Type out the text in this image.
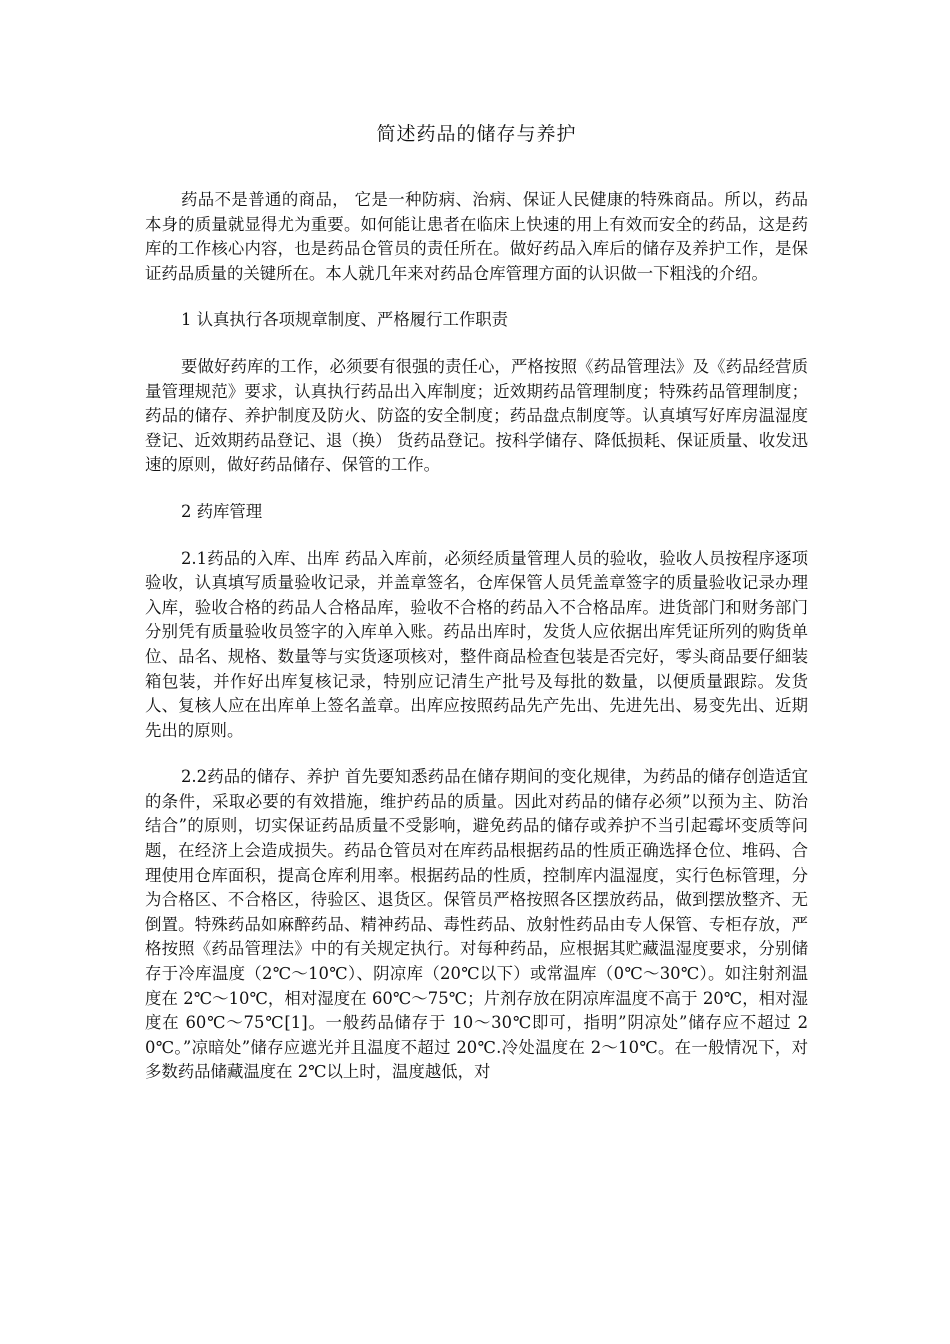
简述药品的储存与养护

药品不是普通的商品， 它是一种防病、治病、保证人民健康的特殊商品。所以，药品本身的质量就显得尤为重要。如何能让患者在临床上快速的用上有效而安全的药品，这是药库的工作核心内容，也是药品仓管员的责任所在。做好药品入库后的储存及养护工作，是保证药品质量的关键所在。本人就几年来对药品仓库管理方面的认识做一下粗浅的介绍。

1 认真执行各项规章制度、严格履行工作职责

要做好药库的工作，必须要有很强的责任心，严格按照《药品管理法》及《药品经营质量管理规范》要求，认真执行药品出入库制度；近效期药品管理制度；特殊药品管理制度；药品的储存、养护制度及防火、防盗的安全制度；药品盘点制度等。认真填写好库房温湿度登记、近效期药品登记、退（换） 货药品登记。按科学储存、降低损耗、保证质量、收发迅速的原则，做好药品储存、保管的工作。

2 药库管理

2.1药品的入库、出库 药品入库前，必须经质量管理人员的验收，验收人员按程序逐项验收，认真填写质量验收记录，并盖章签名，仓库保管人员凭盖章签字的质量验收记录办理入库，验收合格的药品人合格品库，验收不合格的药品入不合格品库。进货部门和财务部门分别凭有质量验收员签字的入库单入账。药品出库时，发货人应依据出库凭证所列的购货单位、品名、规格、数量等与实货逐项核对，整件商品检查包装是否完好，零头商品要仔細装箱包装，并作好出库复核记录，特别应记清生产批号及每批的数量，以便质量跟踪。发货人、复核人应在出库单上签名盖章。出库应按照药品先产先出、先进先出、易变先出、近期先出的原则。

2.2药品的储存、养护 首先要知悉药品在储存期间的变化规律，为药品的储存创造适宜的条件，采取必要的有效措施，维护药品的质量。因此对药品的储存必须”以预为主、防治结合”的原则，切实保证药品质量不受影响，避免药品的储存或养护不当引起霉坏变质等问题，在经济上会造成损失。药品仓管员对在库药品根据药品的性质正确选择仓位、堆码、合理使用仓库面积，提高仓库利用率。根据药品的性质，控制库内温湿度，实行色标管理，分为合格区、不合格区，待验区、退货区。保管员严格按照各区摆放药品，做到摆放整齐、无倒置。特殊药品如麻醉药品、精神药品、毒性药品、放射性药品由专人保管、专柜存放，严格按照《药品管理法》中的有关规定执行。对每种药品，应根据其贮藏温湿度要求，分别储存于冷库温度（2℃～10℃）、阴凉库（20℃以下）或常温库（0℃～30℃）。如注射剂温度在 2℃～10℃，相对湿度在 60℃～75℃；片剂存放在阴凉库温度不高于 20℃，相对湿度在 60℃～75℃[1]。一般药品储存于 10～30℃即可，指明”阴凉处”储存应不超过 20℃。”凉暗处”储存应遮光并且温度不超过 20℃.冷处温度在 2～10℃。在一般情况下，对多数药品储藏温度在 2℃以上时，温度越低，对
